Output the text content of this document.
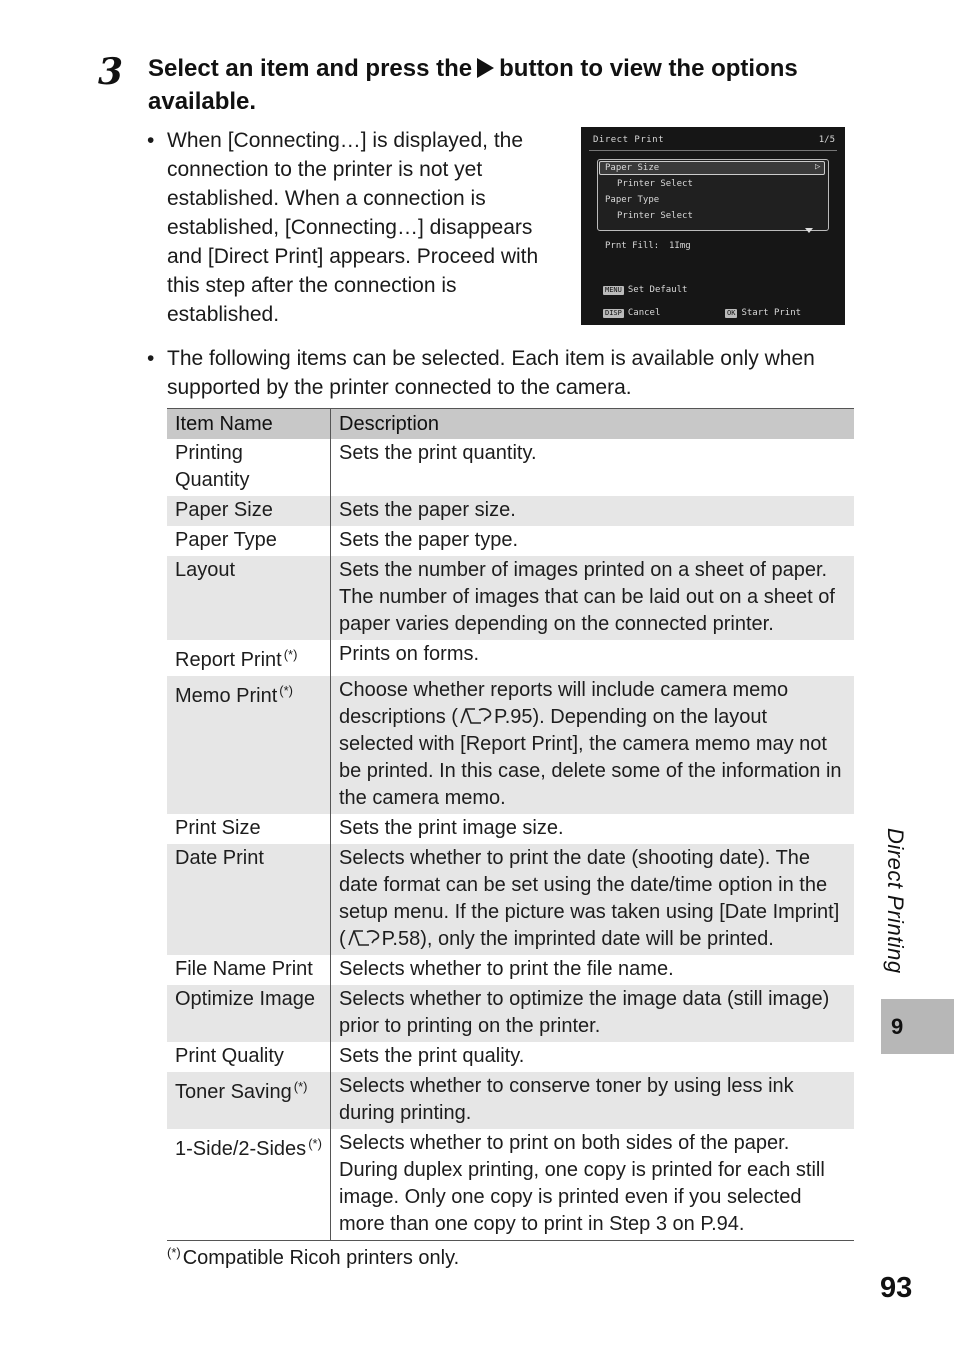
3 Select an item and press the button to view the options available.
• When [Connecting…] is displayed, the connection to the printer is not yet established. When a connection is established, [Connecting…] disappears and [Direct Print] appears. Proceed with this step after the connection is established.
Direct Print	1/5
Paper Size	▷
Printer Select
Paper Type
Printer Select
Prnt Fill: 1Img
MENU Set Default
DISP Cancel	OK Start Print
• The following items can be selected. Each item is available only when supported by the printer connected to the camera.
Item Name	Description
Printing Quantity	Sets the print quantity.
Paper Size	Sets the paper size.
Paper Type	Sets the paper type.
Layout	Sets the number of images printed on a sheet of paper. The number of images that can be laid out on a sheet of paper varies depending on the connected printer.
Report Print (*)	Prints on forms.
Memo Print (*)	Choose whether reports will include camera memo descriptions ( P.95). Depending on the layout selected with [Report Print], the camera memo may not be printed. In this case, delete some of the information in the camera memo.
Print Size	Sets the print image size.
Date Print	Selects whether to print the date (shooting date). The date format can be set using the date/time option in the setup menu. If the picture was taken using [Date Imprint] ( P.58), only the imprinted date will be printed.
File Name Print	Selects whether to print the file name.
Optimize Image	Selects whether to optimize the image data (still image) prior to printing on the printer.
Print Quality	Sets the print quality.
Toner Saving (*)	Selects whether to conserve toner by using less ink during printing.
1-Side/2-Sides (*)	Selects whether to print on both sides of the paper. During duplex printing, one copy is printed for each still image. Only one copy is printed even if you selected more than one copy to print in Step 3 on P.94.
(*) Compatible Ricoh printers only.
Direct Printing
9
93
